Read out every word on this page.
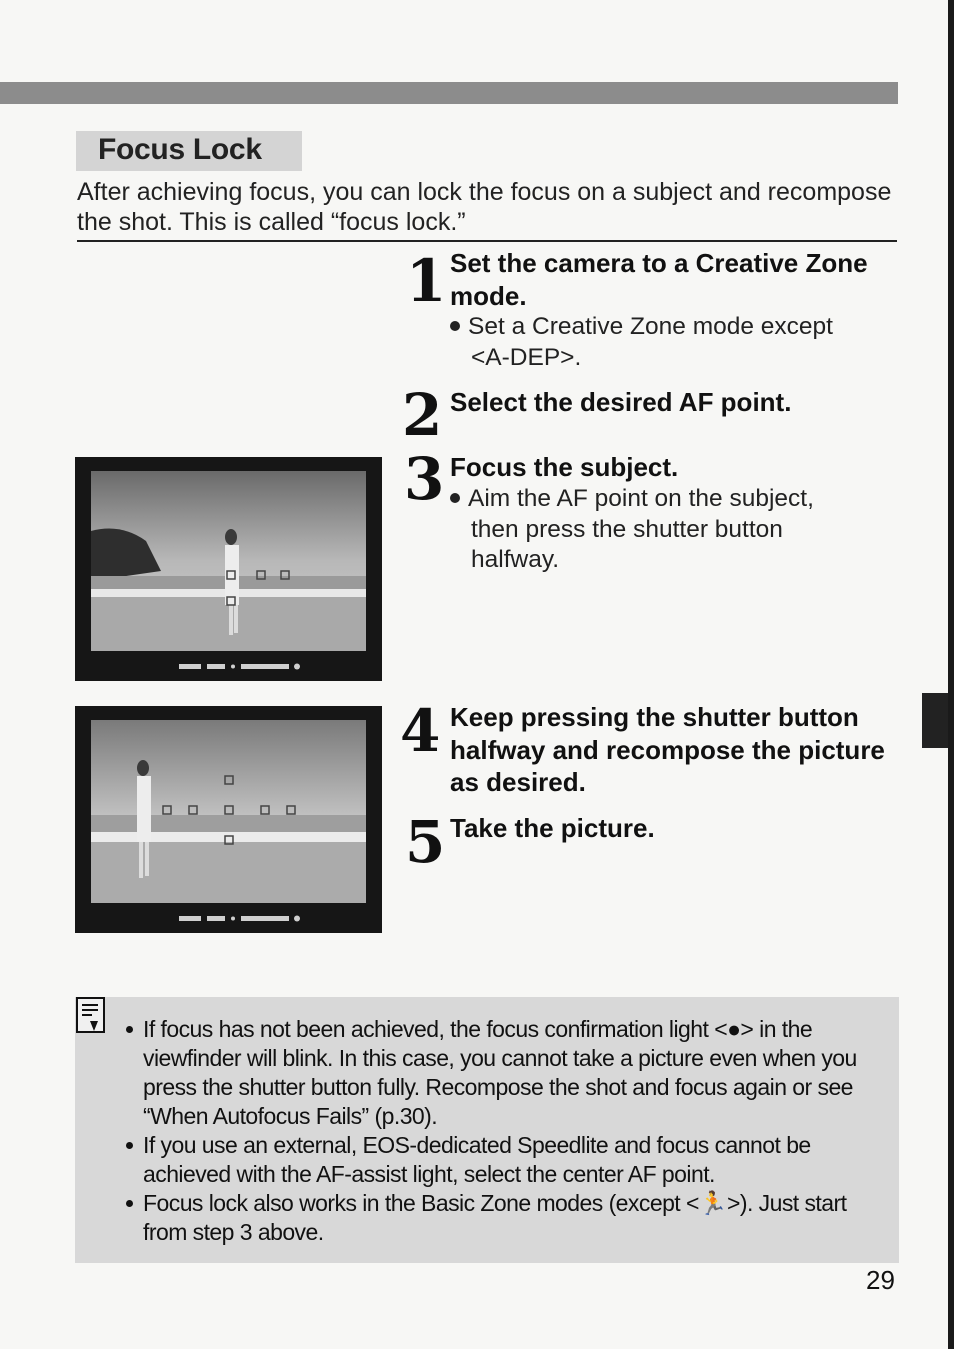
Focus Lock

After achieving focus, you can lock the focus on a subject and recompose the shot. This is called “focus lock.”

1 Set the camera to a Creative Zone mode.
Set a Creative Zone mode except
<A-DEP>.
2 Select the desired AF point.
3 Focus the subject.
Aim the AF point on the subject,
then press the shutter button
halfway.
4 Keep pressing the shutter button halfway and recompose the picture as desired.
5 Take the picture.
If focus has not been achieved, the focus confirmation light <●> in the viewfinder will blink. In this case, you cannot take a picture even when you press the shutter button fully. Recompose the shot and focus again or see “When Autofocus Fails” (p.30).
If you use an external, EOS-dedicated Speedlite and focus cannot be achieved with the AF-assist light, select the center AF point.
Focus lock also works in the Basic Zone modes (except <🏃>). Just start from step 3 above.
29
